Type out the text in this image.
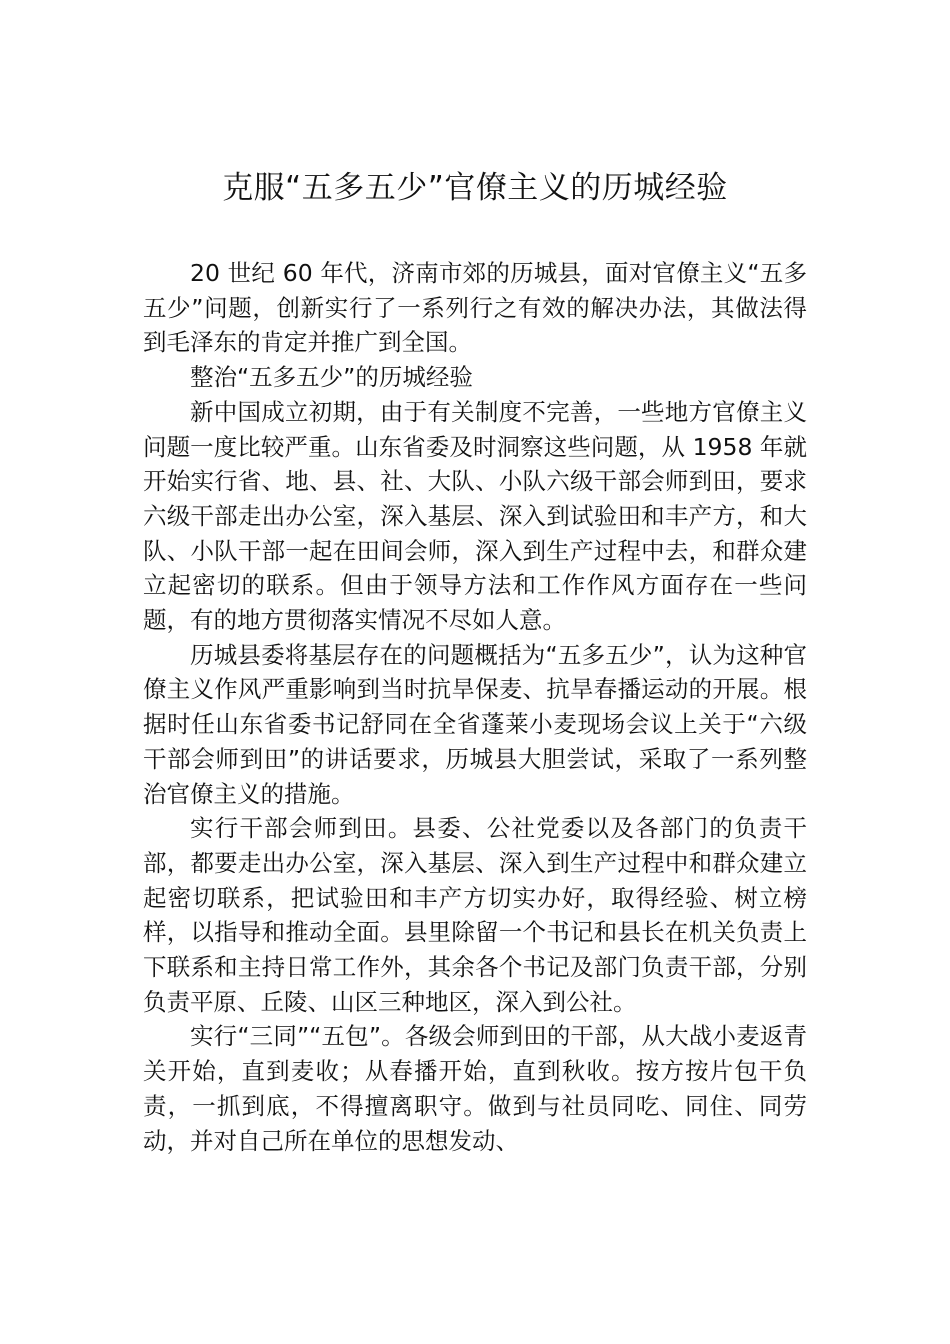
克服“五多五少”官僚主义的历城经验

20 世纪 60 年代，济南市郊的历城县，面对官僚主义“五多五少”问题，创新实行了一系列行之有效的解决办法，其做法得到毛泽东的肯定并推广到全国。

整治“五多五少”的历城经验

新中国成立初期，由于有关制度不完善，一些地方官僚主义问题一度比较严重。山东省委及时洞察这些问题，从 1958 年就开始实行省、地、县、社、大队、小队六级干部会师到田，要求六级干部走出办公室，深入基层、深入到试验田和丰产方，和大队、小队干部一起在田间会师，深入到生产过程中去，和群众建立起密切的联系。但由于领导方法和工作作风方面存在一些问题，有的地方贯彻落实情况不尽如人意。

历城县委将基层存在的问题概括为“五多五少”，认为这种官僚主义作风严重影响到当时抗旱保麦、抗旱春播运动的开展。根据时任山东省委书记舒同在全省蓬莱小麦现场会议上关于“六级干部会师到田”的讲话要求，历城县大胆尝试，采取了一系列整治官僚主义的措施。

实行干部会师到田。县委、公社党委以及各部门的负责干部，都要走出办公室，深入基层、深入到生产过程中和群众建立起密切联系，把试验田和丰产方切实办好，取得经验、树立榜样，以指导和推动全面。县里除留一个书记和县长在机关负责上下联系和主持日常工作外，其余各个书记及部门负责干部，分别负责平原、丘陵、山区三种地区，深入到公社。

实行“三同”“五包”。各级会师到田的干部，从大战小麦返青关开始，直到麦收；从春播开始，直到秋收。按方按片包干负责，一抓到底，不得擅离职守。做到与社员同吃、同住、同劳动，并对自己所在单位的思想发动、
